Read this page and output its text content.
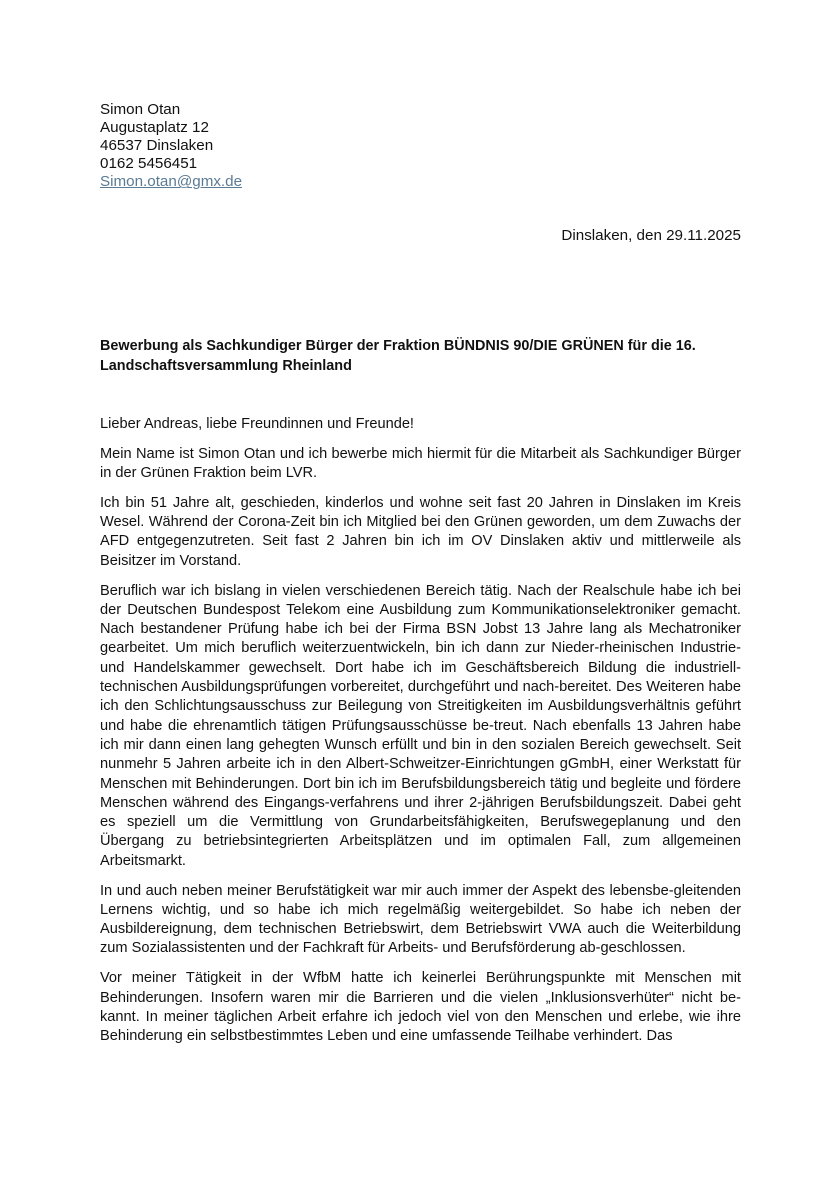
Simon Otan
Augustaplatz 12
46537 Dinslaken
0162 5456451
Simon.otan@gmx.de
Dinslaken, den 29.11.2025
Bewerbung als Sachkundiger Bürger der Fraktion BÜNDNIS 90/DIE GRÜNEN für die 16. Landschaftsversammlung Rheinland

Lieber Andreas, liebe Freundinnen und Freunde!

Mein Name ist Simon Otan und ich bewerbe mich hiermit für die Mitarbeit als Sachkundiger Bürger in der Grünen Fraktion beim LVR.

Ich bin 51 Jahre alt, geschieden, kinderlos und wohne seit fast 20 Jahren in Dinslaken im Kreis Wesel. Während der Corona-Zeit bin ich Mitglied bei den Grünen geworden, um dem Zuwachs der AFD entgegenzutreten. Seit fast 2 Jahren bin ich im OV Dinslaken aktiv und mittlerweile als Beisitzer im Vorstand.

Beruflich war ich bislang in vielen verschiedenen Bereich tätig. Nach der Realschule habe ich bei der Deutschen Bundespost Telekom eine Ausbildung zum Kommunikationselektroniker gemacht. Nach bestandener Prüfung habe ich bei der Firma BSN Jobst 13 Jahre lang als Mechatroniker gearbeitet. Um mich beruflich weiterzuentwickeln, bin ich dann zur Nieder-rheinischen Industrie- und Handelskammer gewechselt. Dort habe ich im Geschäftsbereich Bildung die industriell-technischen Ausbildungsprüfungen vorbereitet, durchgeführt und nach-bereitet. Des Weiteren habe ich den Schlichtungsausschuss zur Beilegung von Streitigkeiten im Ausbildungsverhältnis geführt und habe die ehrenamtlich tätigen Prüfungsausschüsse be-treut. Nach ebenfalls 13 Jahren habe ich mir dann einen lang gehegten Wunsch erfüllt und bin in den sozialen Bereich gewechselt. Seit nunmehr 5 Jahren arbeite ich in den Albert-Schweitzer-Einrichtungen gGmbH, einer Werkstatt für Menschen mit Behinderungen. Dort bin ich im Berufsbildungsbereich tätig und begleite und fördere Menschen während des Eingangs-verfahrens und ihrer 2-jährigen Berufsbildungszeit. Dabei geht es speziell um die Vermittlung von Grundarbeitsfähigkeiten, Berufswegeplanung und den Übergang zu betriebsintegrierten Arbeitsplätzen und im optimalen Fall, zum allgemeinen Arbeitsmarkt.

In und auch neben meiner Berufstätigkeit war mir auch immer der Aspekt des lebensbe-gleitenden Lernens wichtig, und so habe ich mich regelmäßig weitergebildet. So habe ich neben der Ausbildereignung, dem technischen Betriebswirt, dem Betriebswirt VWA auch die Weiterbildung zum Sozialassistenten und der Fachkraft für Arbeits- und Berufsförderung ab-geschlossen.

Vor meiner Tätigkeit in der WfbM hatte ich keinerlei Berührungspunkte mit Menschen mit Behinderungen. Insofern waren mir die Barrieren und die vielen „Inklusionsverhüter“ nicht be-kannt. In meiner täglichen Arbeit erfahre ich jedoch viel von den Menschen und erlebe, wie ihre Behinderung ein selbstbestimmtes Leben und eine umfassende Teilhabe verhindert. Das
